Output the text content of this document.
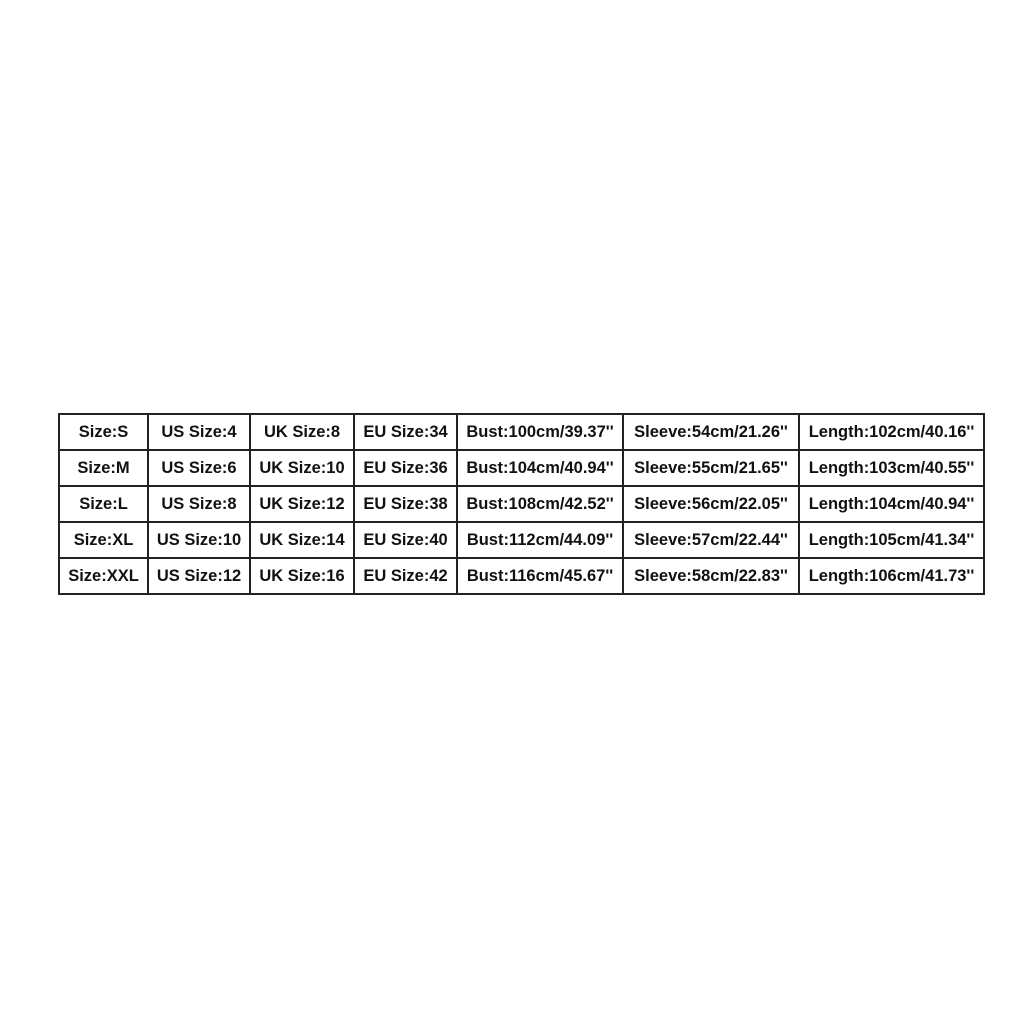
Size:S	US Size:4	UK Size:8	EU Size:34	Bust:100cm/39.37''	Sleeve:54cm/21.26''	Length:102cm/40.16''
Size:M	US Size:6	UK Size:10	EU Size:36	Bust:104cm/40.94''	Sleeve:55cm/21.65''	Length:103cm/40.55''
Size:L	US Size:8	UK Size:12	EU Size:38	Bust:108cm/42.52''	Sleeve:56cm/22.05''	Length:104cm/40.94''
Size:XL	US Size:10	UK Size:14	EU Size:40	Bust:112cm/44.09''	Sleeve:57cm/22.44''	Length:105cm/41.34''
Size:XXL	US Size:12	UK Size:16	EU Size:42	Bust:116cm/45.67''	Sleeve:58cm/22.83''	Length:106cm/41.73''
